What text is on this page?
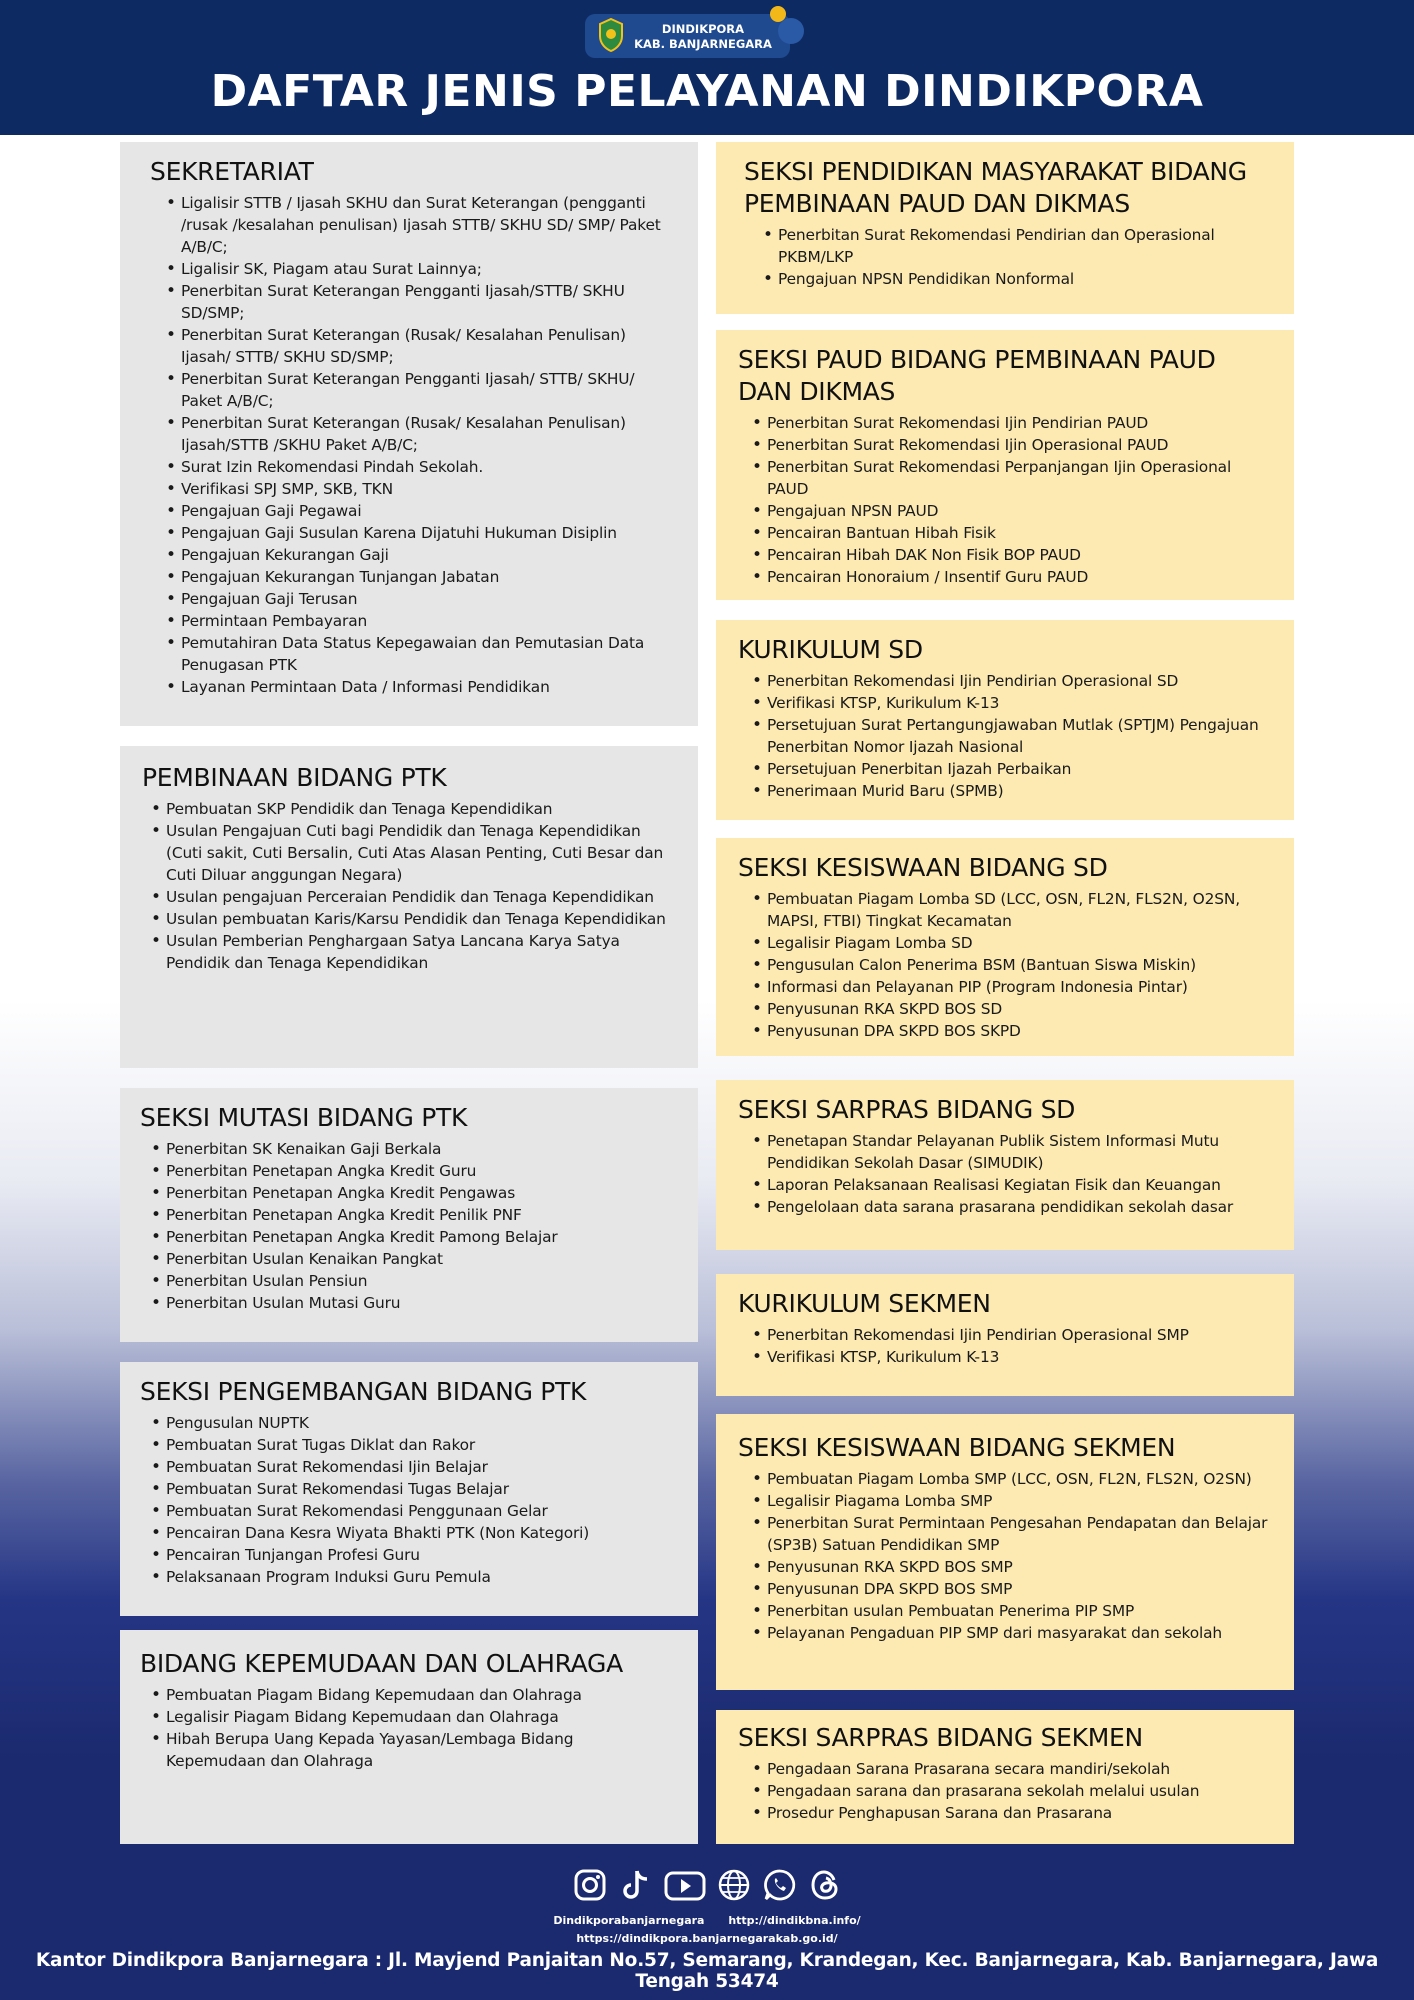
DINDIKPORA
KAB. BANJARNEGARA
DAFTAR JENIS PELAYANAN DINDIKPORA
SEKRETARIAT
• Ligalisir STTB / Ijasah SKHU dan Surat Keterangan (pengganti /rusak /kesalahan penulisan) Ijasah STTB/ SKHU SD/ SMP/ Paket A/B/C;
• Ligalisir SK, Piagam atau Surat Lainnya;
• Penerbitan Surat Keterangan Pengganti Ijasah/STTB/ SKHU SD/SMP;
• Penerbitan Surat Keterangan (Rusak/ Kesalahan Penulisan) Ijasah/ STTB/ SKHU SD/SMP;
• Penerbitan Surat Keterangan Pengganti Ijasah/ STTB/ SKHU/ Paket A/B/C;
• Penerbitan Surat Keterangan (Rusak/ Kesalahan Penulisan) Ijasah/STTB /SKHU Paket A/B/C;
• Surat Izin Rekomendasi Pindah Sekolah.
• Verifikasi SPJ SMP, SKB, TKN
• Pengajuan Gaji Pegawai
• Pengajuan Gaji Susulan Karena Dijatuhi Hukuman Disiplin
• Pengajuan Kekurangan Gaji
• Pengajuan Kekurangan Tunjangan Jabatan
• Pengajuan Gaji Terusan
• Permintaan Pembayaran
• Pemutahiran Data Status Kepegawaian dan Pemutasian Data Penugasan PTK
• Layanan Permintaan Data / Informasi Pendidikan
PEMBINAAN BIDANG PTK
• Pembuatan SKP Pendidik dan Tenaga Kependidikan
• Usulan Pengajuan Cuti bagi Pendidik dan Tenaga Kependidikan (Cuti sakit, Cuti Bersalin, Cuti Atas Alasan Penting, Cuti Besar dan Cuti Diluar anggungan Negara)
• Usulan pengajuan Perceraian Pendidik dan Tenaga Kependidikan
• Usulan pembuatan Karis/Karsu Pendidik dan Tenaga Kependidikan
• Usulan Pemberian Penghargaan Satya Lancana Karya Satya Pendidik dan Tenaga Kependidikan
SEKSI MUTASI BIDANG PTK
• Penerbitan SK Kenaikan Gaji Berkala
• Penerbitan Penetapan Angka Kredit Guru
• Penerbitan Penetapan Angka Kredit Pengawas
• Penerbitan Penetapan Angka Kredit Penilik PNF
• Penerbitan Penetapan Angka Kredit Pamong Belajar
• Penerbitan Usulan Kenaikan Pangkat
• Penerbitan Usulan Pensiun
• Penerbitan Usulan Mutasi Guru
SEKSI PENGEMBANGAN BIDANG PTK
• Pengusulan NUPTK
• Pembuatan Surat Tugas Diklat dan Rakor
• Pembuatan Surat Rekomendasi Ijin Belajar
• Pembuatan Surat Rekomendasi Tugas Belajar
• Pembuatan Surat Rekomendasi Penggunaan Gelar
• Pencairan Dana Kesra Wiyata Bhakti PTK (Non Kategori)
• Pencairan Tunjangan Profesi Guru
• Pelaksanaan Program Induksi Guru Pemula
BIDANG KEPEMUDAAN DAN OLAHRAGA
• Pembuatan Piagam Bidang Kepemudaan dan Olahraga
• Legalisir Piagam Bidang Kepemudaan dan Olahraga
• Hibah Berupa Uang Kepada Yayasan/Lembaga Bidang Kepemudaan dan Olahraga
SEKSI PENDIDIKAN MASYARAKAT BIDANG PEMBINAAN PAUD DAN DIKMAS
• Penerbitan Surat Rekomendasi Pendirian dan Operasional PKBM/LKP
• Pengajuan NPSN Pendidikan Nonformal
SEKSI PAUD BIDANG PEMBINAAN PAUD DAN DIKMAS
• Penerbitan Surat Rekomendasi Ijin Pendirian PAUD
• Penerbitan Surat Rekomendasi Ijin Operasional PAUD
• Penerbitan Surat Rekomendasi Perpanjangan Ijin Operasional PAUD
• Pengajuan NPSN PAUD
• Pencairan Bantuan Hibah Fisik
• Pencairan Hibah DAK Non Fisik BOP PAUD
• Pencairan Honoraium / Insentif Guru PAUD
KURIKULUM SD
• Penerbitan Rekomendasi Ijin Pendirian Operasional SD
• Verifikasi KTSP, Kurikulum K-13
• Persetujuan Surat Pertangungjawaban Mutlak (SPTJM) Pengajuan Penerbitan Nomor Ijazah Nasional
• Persetujuan Penerbitan Ijazah Perbaikan
• Penerimaan Murid Baru (SPMB)
SEKSI KESISWAAN BIDANG SD
• Pembuatan Piagam Lomba SD (LCC, OSN, FL2N, FLS2N, O2SN, MAPSI, FTBI) Tingkat Kecamatan
• Legalisir Piagam Lomba SD
• Pengusulan Calon Penerima BSM (Bantuan Siswa Miskin)
• Informasi dan Pelayanan PIP (Program Indonesia Pintar)
• Penyusunan RKA SKPD BOS SD
• Penyusunan DPA SKPD BOS SKPD
SEKSI SARPRAS BIDANG SD
• Penetapan Standar Pelayanan Publik Sistem Informasi Mutu Pendidikan Sekolah Dasar (SIMUDIK)
• Laporan Pelaksanaan Realisasi Kegiatan Fisik dan Keuangan
• Pengelolaan data sarana prasarana pendidikan sekolah dasar
KURIKULUM SEKMEN
• Penerbitan Rekomendasi Ijin Pendirian Operasional SMP
• Verifikasi KTSP, Kurikulum K-13
SEKSI KESISWAAN BIDANG SEKMEN
• Pembuatan Piagam Lomba SMP (LCC, OSN, FL2N, FLS2N, O2SN)
• Legalisir Piagama Lomba SMP
• Penerbitan Surat Permintaan Pengesahan Pendapatan dan Belajar (SP3B) Satuan Pendidikan SMP
• Penyusunan RKA SKPD BOS SMP
• Penyusunan DPA SKPD BOS SMP
• Penerbitan usulan Pembuatan Penerima PIP SMP
• Pelayanan Pengaduan PIP SMP dari masyarakat dan sekolah
SEKSI SARPRAS BIDANG SEKMEN
• Pengadaan Sarana Prasarana secara mandiri/sekolah
• Pengadaan sarana dan prasarana sekolah melalui usulan
• Prosedur Penghapusan Sarana dan Prasarana
Dindikporabanjarnegara http://dindikbna.info/
https://dindikpora.banjarnegarakab.go.id/
Kantor Dindikpora Banjarnegara : Jl. Mayjend Panjaitan No.57, Semarang, Krandegan, Kec. Banjarnegara, Kab. Banjarnegara, Jawa Tengah 53474
